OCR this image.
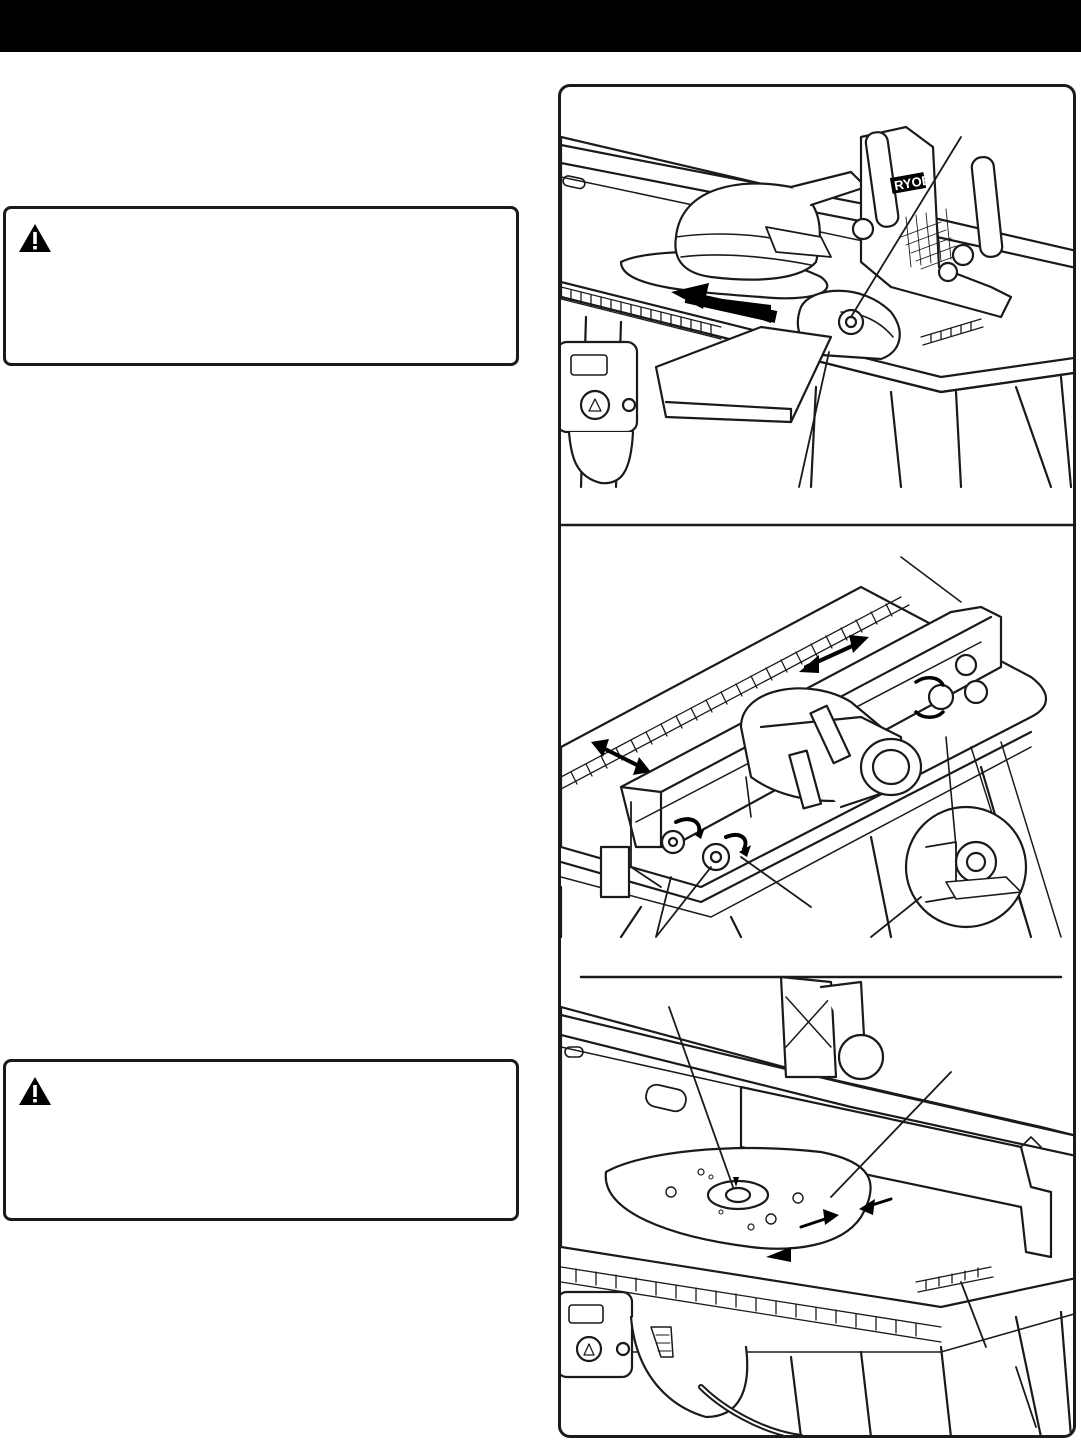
RYOBI
